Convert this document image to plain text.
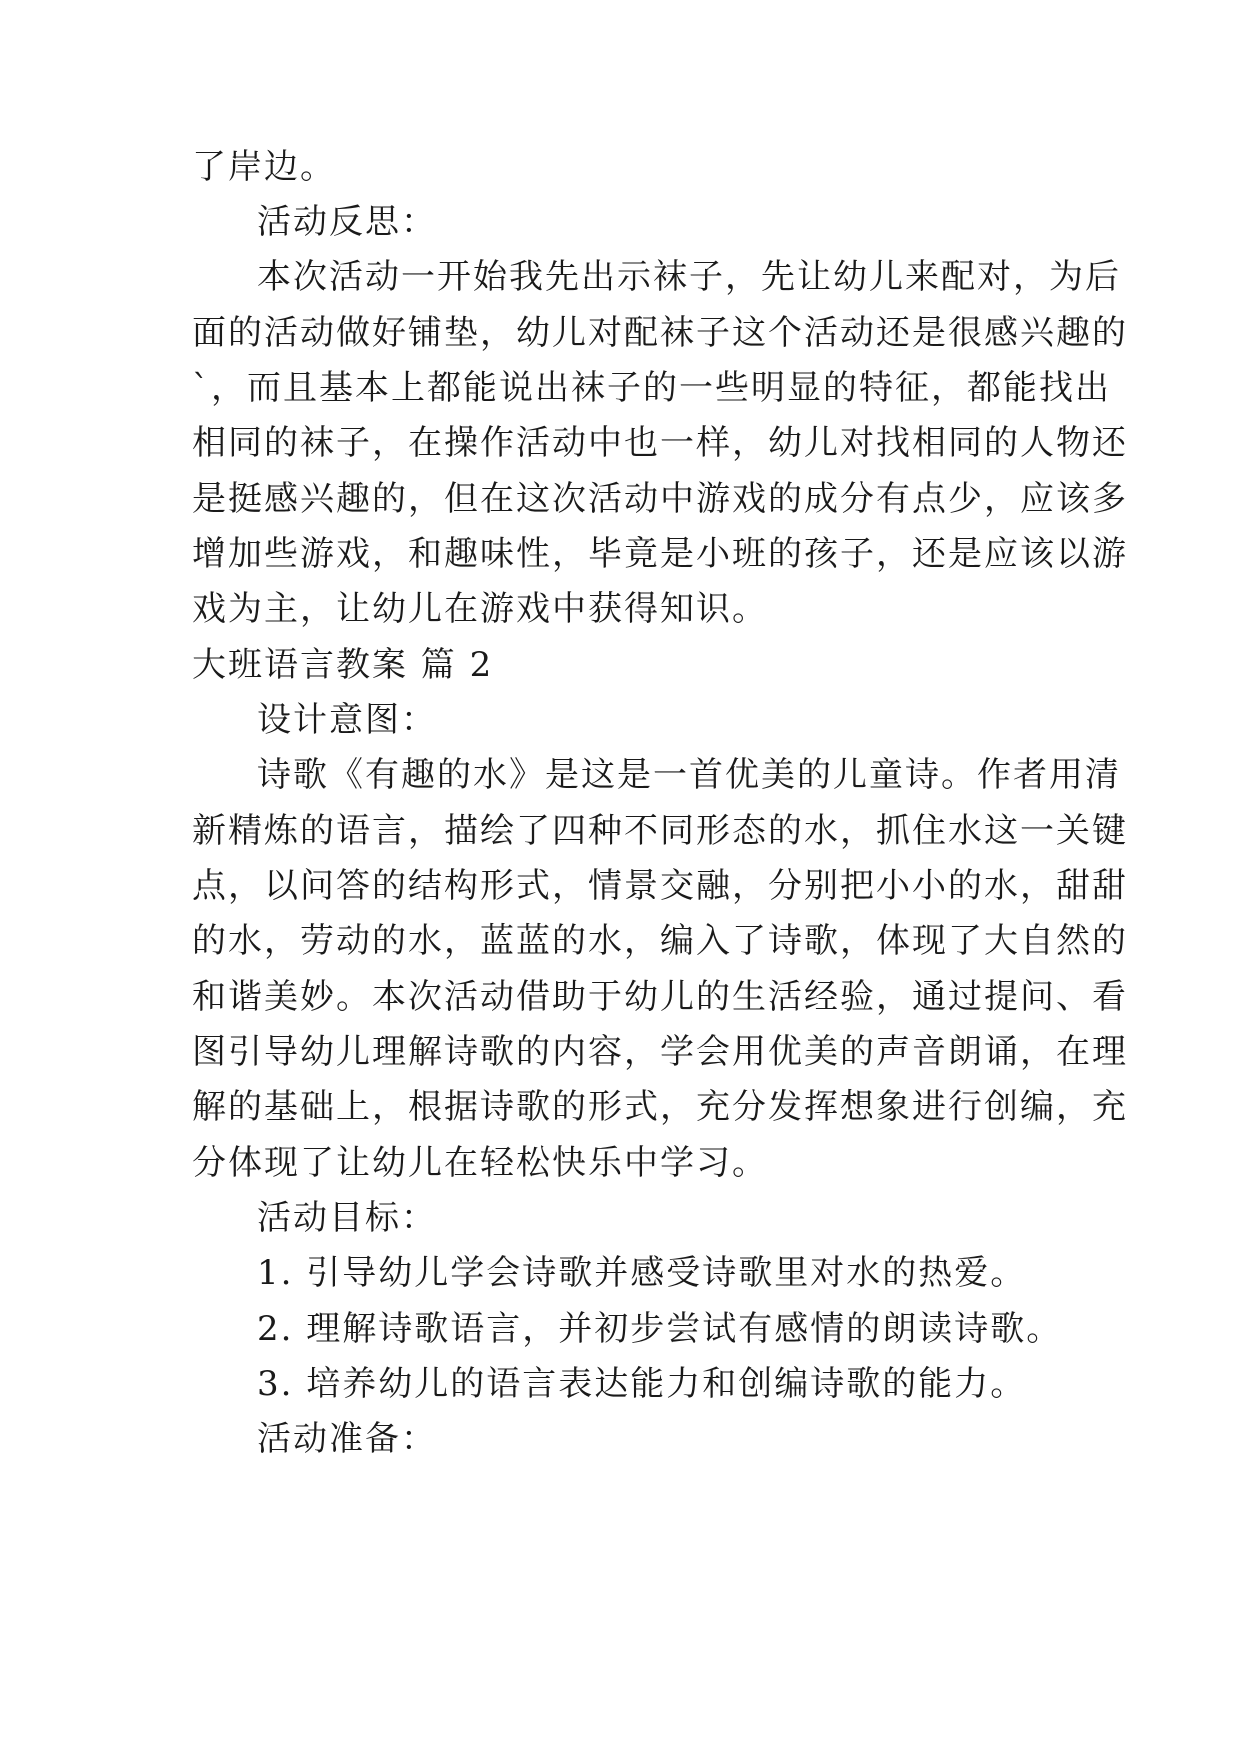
了岸边。
活动反思：
本次活动一开始我先出示袜子，先让幼儿来配对，为后
面的活动做好铺垫，幼儿对配袜子这个活动还是很感兴趣的
`，而且基本上都能说出袜子的一些明显的特征，都能找出
相同的袜子，在操作活动中也一样，幼儿对找相同的人物还
是挺感兴趣的，但在这次活动中游戏的成分有点少，应该多
增加些游戏，和趣味性，毕竟是小班的孩子，还是应该以游
戏为主，让幼儿在游戏中获得知识。
大班语言教案 篇 2
设计意图：
诗歌《有趣的水》是这是一首优美的儿童诗。作者用清
新精炼的语言，描绘了四种不同形态的水，抓住水这一关键
点，以问答的结构形式，情景交融，分别把小小的水，甜甜
的水，劳动的水，蓝蓝的水，编入了诗歌，体现了大自然的
和谐美妙。本次活动借助于幼儿的生活经验，通过提问、看
图引导幼儿理解诗歌的内容，学会用优美的声音朗诵，在理
解的基础上，根据诗歌的形式，充分发挥想象进行创编，充
分体现了让幼儿在轻松快乐中学习。
活动目标：
1. 引导幼儿学会诗歌并感受诗歌里对水的热爱。
2. 理解诗歌语言，并初步尝试有感情的朗读诗歌。
3. 培养幼儿的语言表达能力和创编诗歌的能力。
活动准备：
